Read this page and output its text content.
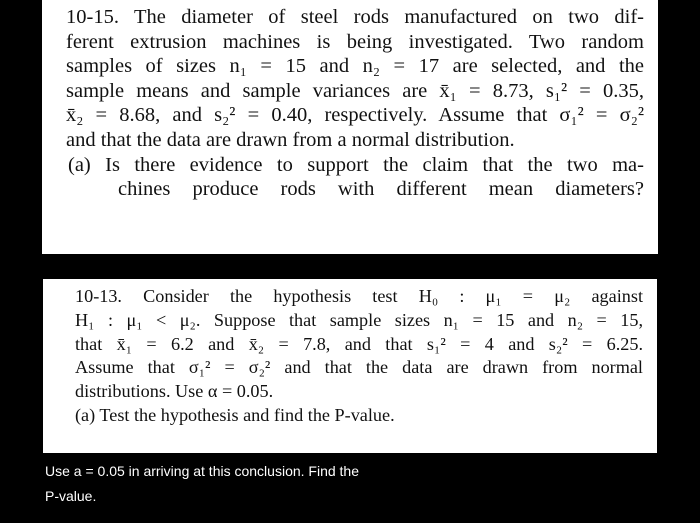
10-15. The diameter of steel rods manufactured on two dif-
ferent extrusion machines is being investigated. Two random
samples of sizes n₁ = 15 and n₂ = 17 are selected, and the
sample means and sample variances are x̄₁ = 8.73, s₁² = 0.35,
x̄₂ = 8.68, and s₂² = 0.40, respectively. Assume that σ₁² = σ₂²
and that the data are drawn from a normal distribution.
(a) Is there evidence to support the claim that the two ma-
chines produce rods with different mean diameters?
10-13. Consider the hypothesis test H₀ : μ₁ = μ₂ against
H₁ : μ₁ < μ₂. Suppose that sample sizes n₁ = 15 and n₂ = 15,
that x̄₁ = 6.2 and x̄₂ = 7.8, and that s₁² = 4 and s₂² = 6.25.
Assume that σ₁² = σ₂² and that the data are drawn from normal
distributions. Use α = 0.05.
(a) Test the hypothesis and find the P-value.
Use a = 0.05 in arriving at this conclusion. Find the
P-value.
